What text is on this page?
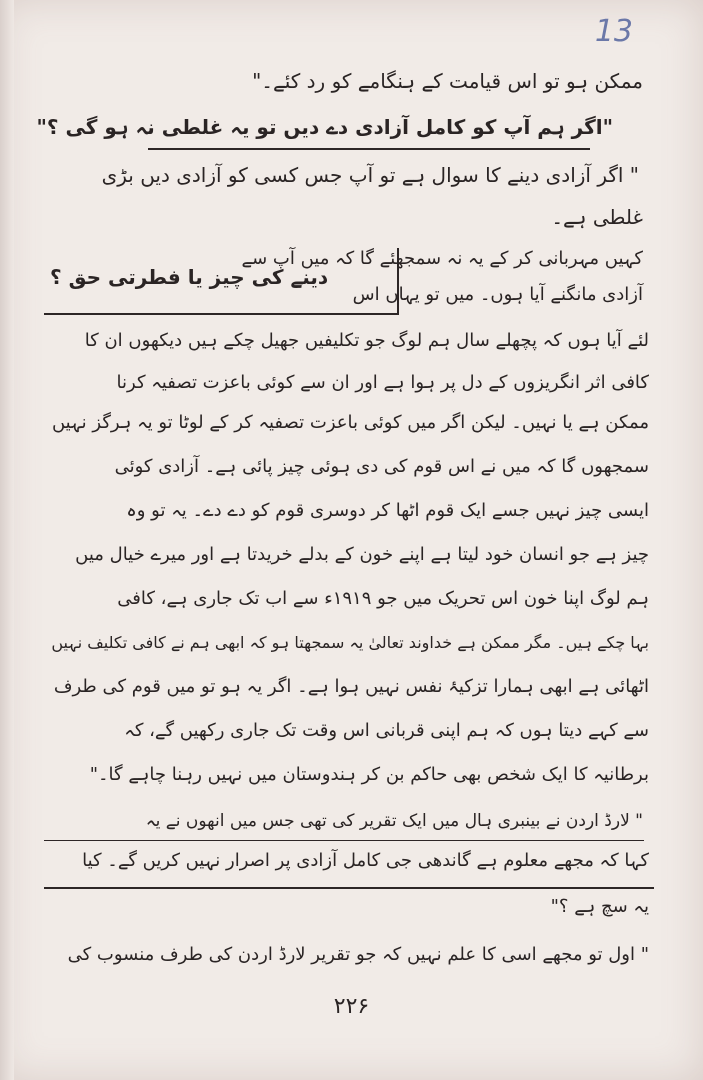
13
ممکن ہو تو اس قیامت کے ہنگامے کو رد کئے۔"
"اگر ہم آپ کو کامل آزادی دے دیں تو یہ غلطی نہ ہو گی ؟"
" اگر آزادی دینے کا سوال ہے تو آپ جس کسی کو آزادی دیں بڑی
غلطی ہے۔
دینے کی چیز یا فطرتی حق ؟
کہیں مہربانی کر کے یہ نہ سمجھئے گا کہ میں آپ سے
آزادی مانگنے آیا ہوں۔ میں تو یہاں اس
لئے آیا ہوں کہ پچھلے سال ہم لوگ جو تکلیفیں جھیل چکے ہیں دیکھوں ان کا
کافی اثر انگریزوں کے دل پر ہوا ہے اور ان سے کوئی باعزت تصفیہ کرنا
ممکن ہے یا نہیں۔ لیکن اگر میں کوئی باعزت تصفیہ کر کے لوٹا تو یہ ہرگز نہیں
سمجھوں گا کہ میں نے اس قوم کی دی ہوئی چیز پائی ہے۔ آزادی کوئی
ایسی چیز نہیں جسے ایک قوم اٹھا کر دوسری قوم کو دے دے۔ یہ تو وہ
چیز ہے جو انسان خود لیتا ہے اپنے خون کے بدلے خریدتا ہے اور میرے خیال میں
ہم لوگ اپنا خون اس تحریک میں جو ۱۹۱۹ء سے اب تک جاری ہے، کافی
بہا چکے ہیں۔ مگر ممکن ہے خداوند تعالیٰ یہ سمجھتا ہو کہ ابھی ہم نے کافی تکلیف نہیں
اٹھائی ہے ابھی ہمارا تزکیۂ نفس نہیں ہوا ہے۔ اگر یہ ہو تو میں قوم کی طرف
سے کہے دیتا ہوں کہ ہم اپنی قربانی اس وقت تک جاری رکھیں گے، کہ
برطانیہ کا ایک شخص بھی حاکم بن کر ہندوستان میں نہیں رہنا چاہے گا۔"
" لارڈ اردن نے بینبری ہال میں ایک تقریر کی تھی جس میں انھوں نے یہ
کہا کہ مجھے معلوم ہے گاندھی جی کامل آزادی پر اصرار نہیں کریں گے۔ کیا
یہ سچ ہے ؟"
" اول تو مجھے اسی کا علم نہیں کہ جو تقریر لارڈ اردن کی طرف منسوب کی
۲۲۶
